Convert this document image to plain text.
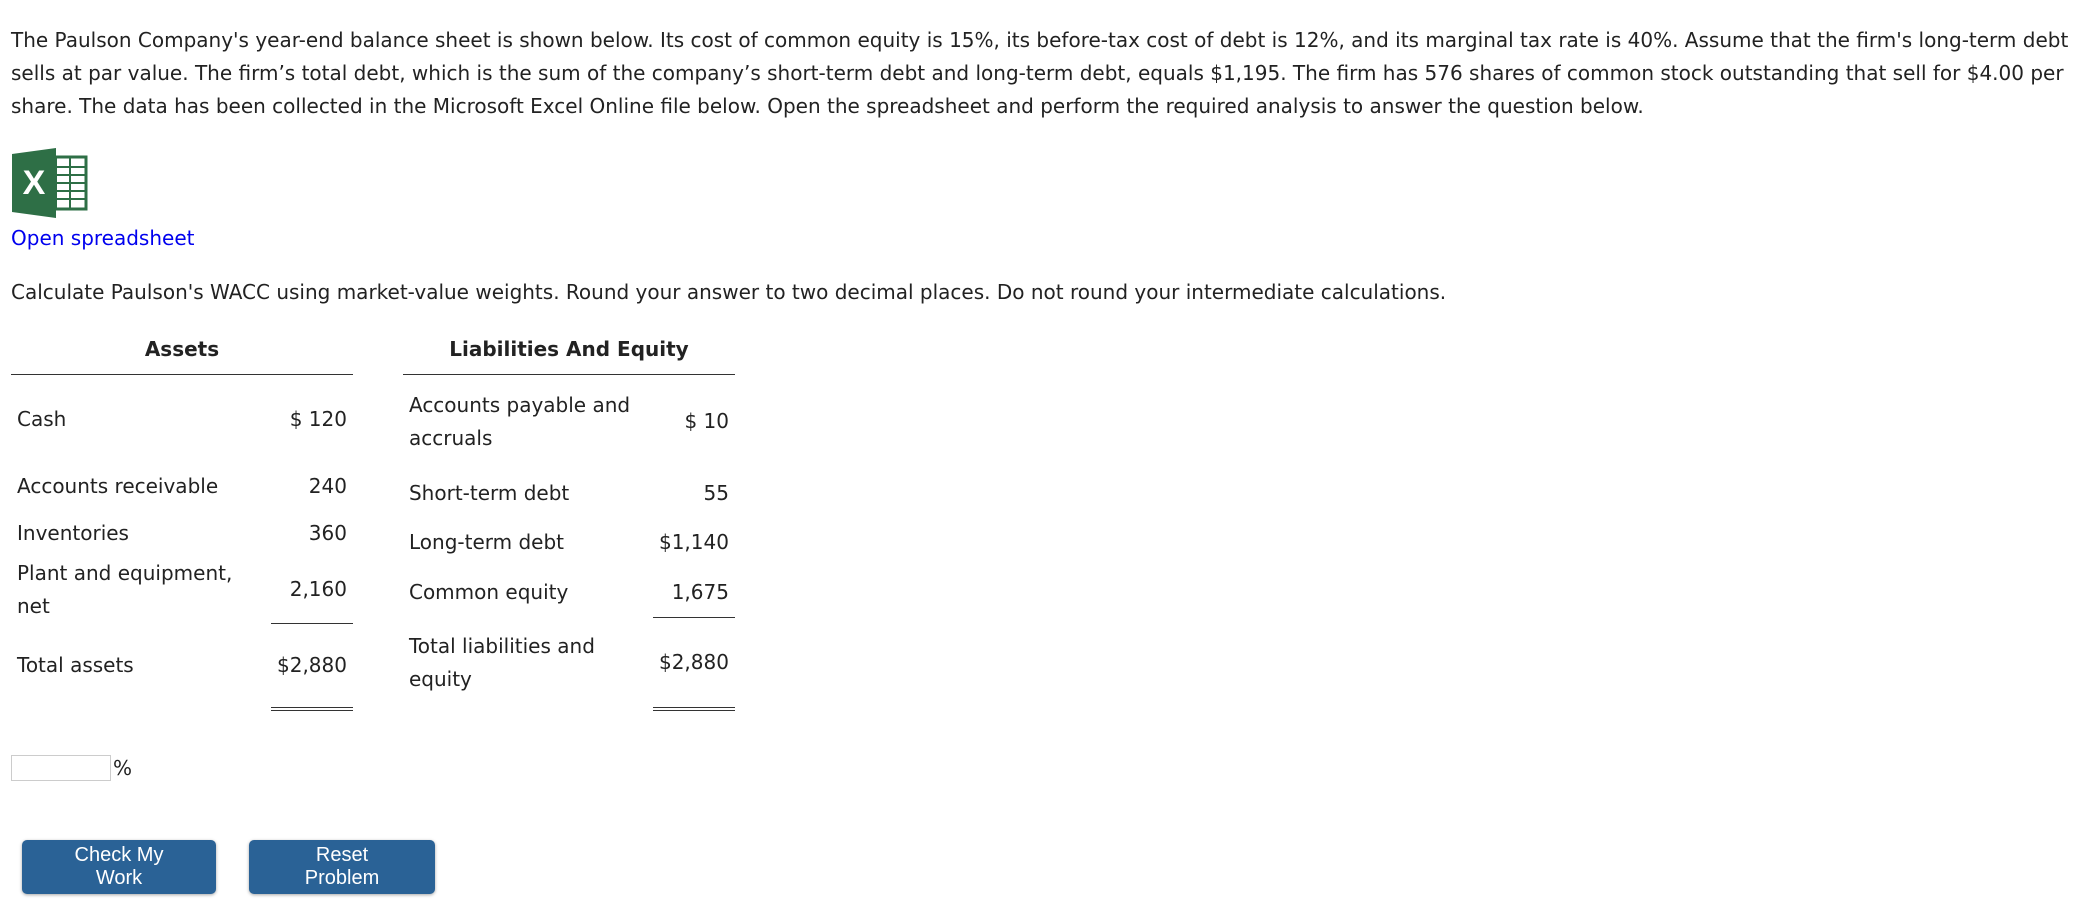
The Paulson Company's year-end balance sheet is shown below. Its cost of common equity is 15%, its before-tax cost of debt is 12%, and its marginal tax rate is 40%. Assume that the firm's long-term debt sells at par value. The firm’s total debt, which is the sum of the company’s short-term debt and long-term debt, equals $1,195. The firm has 576 shares of common stock outstanding that sell for $4.00 per share. The data has been collected in the Microsoft Excel Online file below. Open the spreadsheet and perform the required analysis to answer the question below.

X
Open spreadsheet

Calculate Paulson's WACC using market-value weights. Round your answer to two decimal places. Do not round your intermediate calculations.

Assets	
Cash	$ 120
Accounts receivable	240
Inventories	360
Plant and equipment, net	2,160
Total assets	$2,880
Liabilities And Equity	
Accounts payable and accruals	$ 10
Short-term debt	55
Long-term debt	$1,140
Common equity	1,675
Total liabilities and equity	$2,880
%
Check My Work
Reset Problem
